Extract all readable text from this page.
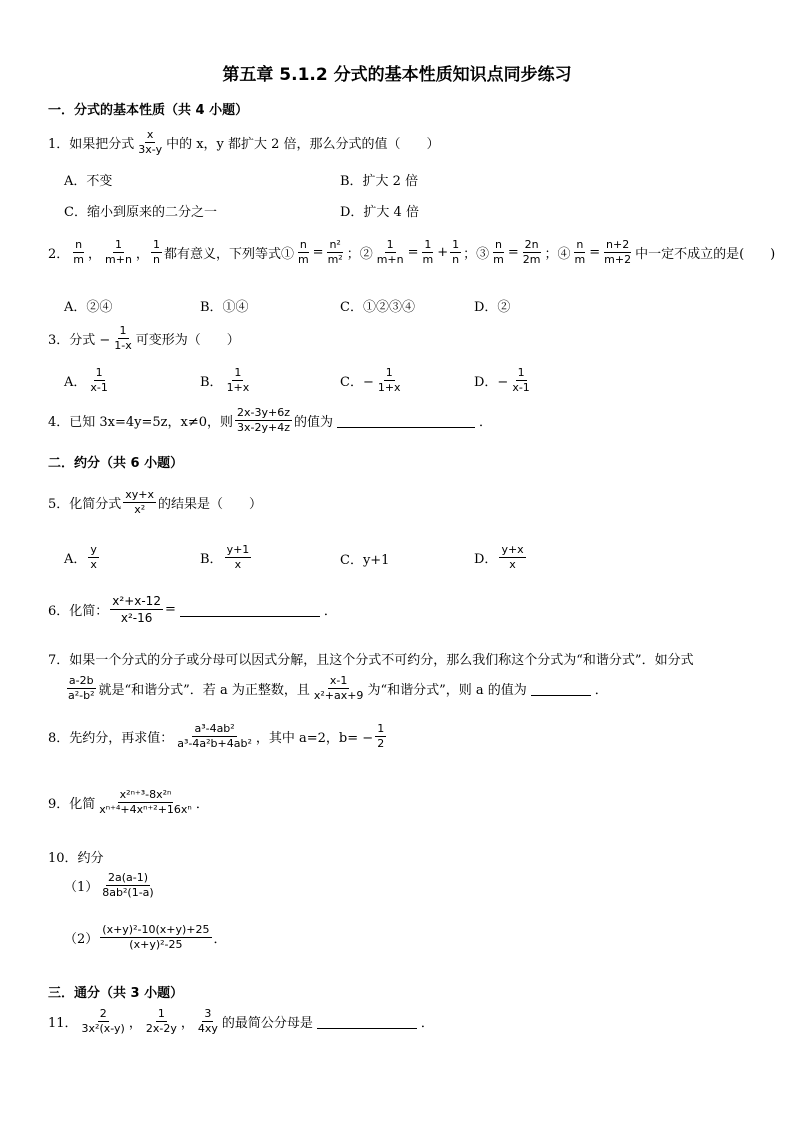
第五章 5.1.2 分式的基本性质知识点同步练习
一．分式的基本性质（共 4 小题）
1．如果把分式 $\frac{x}{3x-y}$ 中的 x，y 都扩大 2 倍，那么分式的值（　　）
A．不变	B．扩大 2 倍
C．缩小到原来的二分之一	D．扩大 4 倍
2． $\frac{n}{m}$ ， $\frac{1}{m+n}$ ， $\frac{1}{n}$ 都有意义，下列等式① $\frac{n}{m} = \frac{\text{n²}}{\text{m²}}$ ；② $\frac{1}{m+n} = \frac{1}{m} + \frac{1}{n}$ ；③ $\frac{n}{m} = \frac{2n}{2m}$ ；④ $\frac{n}{m} = \frac{n+2}{m+2}$ 中一定不成立的是(　　)
A．②④	B．①④	C．①②③④	D．②
3．分式 − $\frac{1}{1-x}$ 可变形为（　　）
A． $\frac{1}{x-1}$	B． $\frac{1}{1+x}$	C．− $\frac{1}{1+x}$	D．− $\frac{1}{x-1}$
4．已知 3x=4y=5z，x≠0，则 $\frac{2x-3y+6z}{3x-2y+4z}$ 的值为	．
二．约分（共 6 小题）
5．化简分式 $\frac{xy+x}{\text{x²}}$ 的结果是（　　）
A． $\frac{y}{x}$	B． $\frac{y+1}{x}$	C．y+1	D． $\frac{y+x}{x}$
6．化简： $\frac{\text{x²+x-12}}{\text{x²-16}}$ =	．
7．如果一个分式的分子或分母可以因式分解，且这个分式不可约分，那么我们称这个分式为“和谐分式”．如分式
$\frac{a-2b}{\text{a²-b²}}$ 就是“和谐分式”．若 a 为正整数，且 $\frac{x-1}{\text{x²+ax+9}}$ 为“和谐分式”，则 a 的值为	．
8．先约分，再求值： $\frac{\text{a³-4ab²}}{\text{a³-4a²b+4ab²}}$ ，其中 a=2，$b= - \frac{1}{2}$
9．化简 $\frac{\text{x²ⁿ⁺³-8x²ⁿ}}{\text{xⁿ⁺⁴+4xⁿ⁺²+16xⁿ}}$ ．
10．约分
$(1) \frac{2a(a-1)}{\text{8ab²(1-a)}}$
$(2) \frac{\text{(x+y)²-10(x+y)+25}}{\text{(x+y)²-25}}$ ．
三．通分（共 3 小题）
11． $\frac{2}{\text{3x²(x-y)}}$ ， $\frac{1}{2x-2y}$ ， $\frac{3}{4xy}$ 的最简公分母是	．
